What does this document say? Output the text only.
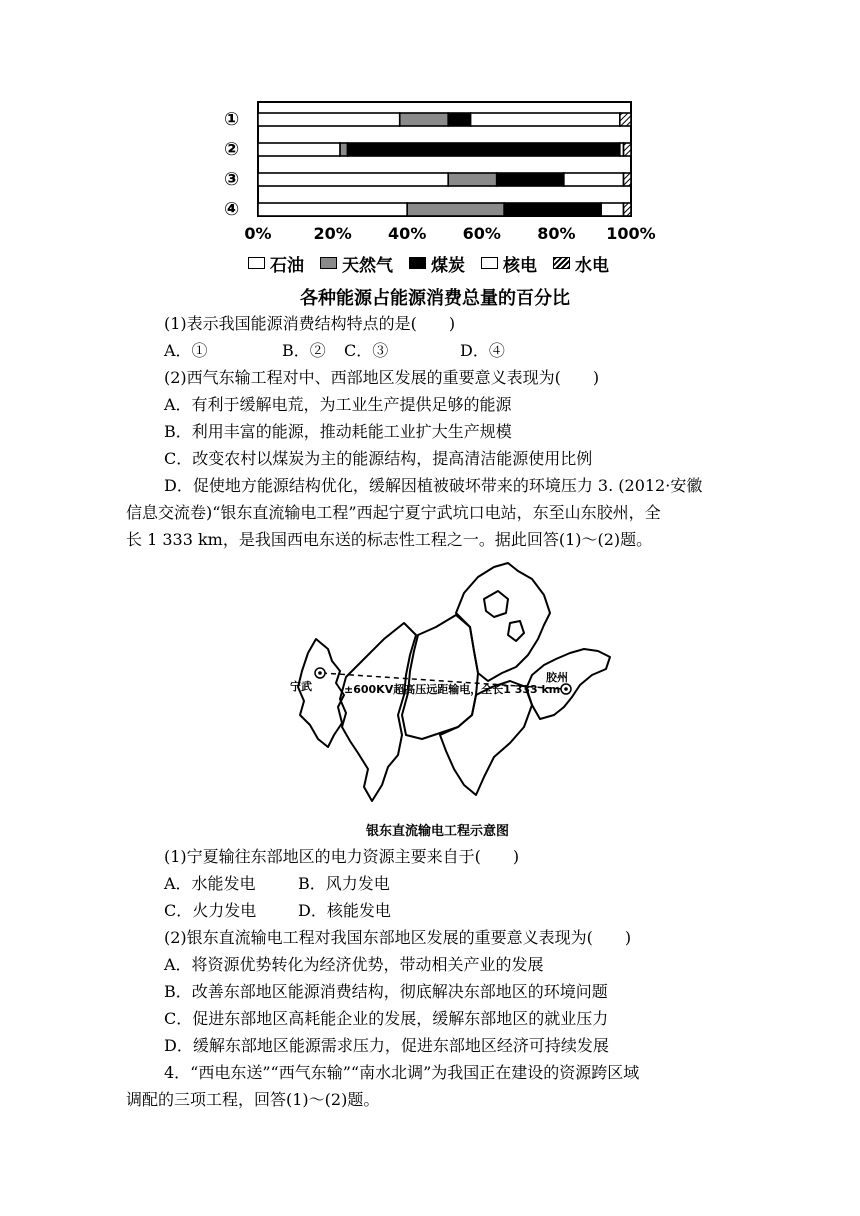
①
②
③
④
0%	20% 40% 60% 80% 100%
石油 天然气 煤炭 核电 水电
各种能源占能源消费总量的百分比
(1)表示我国能源消费结构特点的是(　　)
A．①	B．② C．③	D．④
(2)西气东输工程对中、西部地区发展的重要意义表现为(　　)
A．有利于缓解电荒，为工业生产提供足够的能源
B．利用丰富的能源，推动耗能工业扩大生产规模
C．改变农村以煤炭为主的能源结构，提高清洁能源使用比例
D．促使地方能源结构优化，缓解因植被破坏带来的环境压力 3. (2012·安徽
信息交流卷)“银东直流输电工程”西起宁夏宁武坑口电站，东至山东胶州，全
长 1 333 km，是我国西电东送的标志性工程之一。据此回答(1)～(2)题。
宁武
胶州
±600KV超高压远距输电，全长1 333 km
银东直流输电工程示意图
(1)宁夏输往东部地区的电力资源主要来自于(　　)
A．水能发电	B．风力发电
C．火力发电	D．核能发电
(2)银东直流输电工程对我国东部地区发展的重要意义表现为(　　)
A．将资源优势转化为经济优势，带动相关产业的发展
B．改善东部地区能源消费结构，彻底解决东部地区的环境问题
C．促进东部地区高耗能企业的发展，缓解东部地区的就业压力
D．缓解东部地区能源需求压力，促进东部地区经济可持续发展
4．“西电东送”“西气东输”“南水北调”为我国正在建设的资源跨区域
调配的三项工程，回答(1)～(2)题。
